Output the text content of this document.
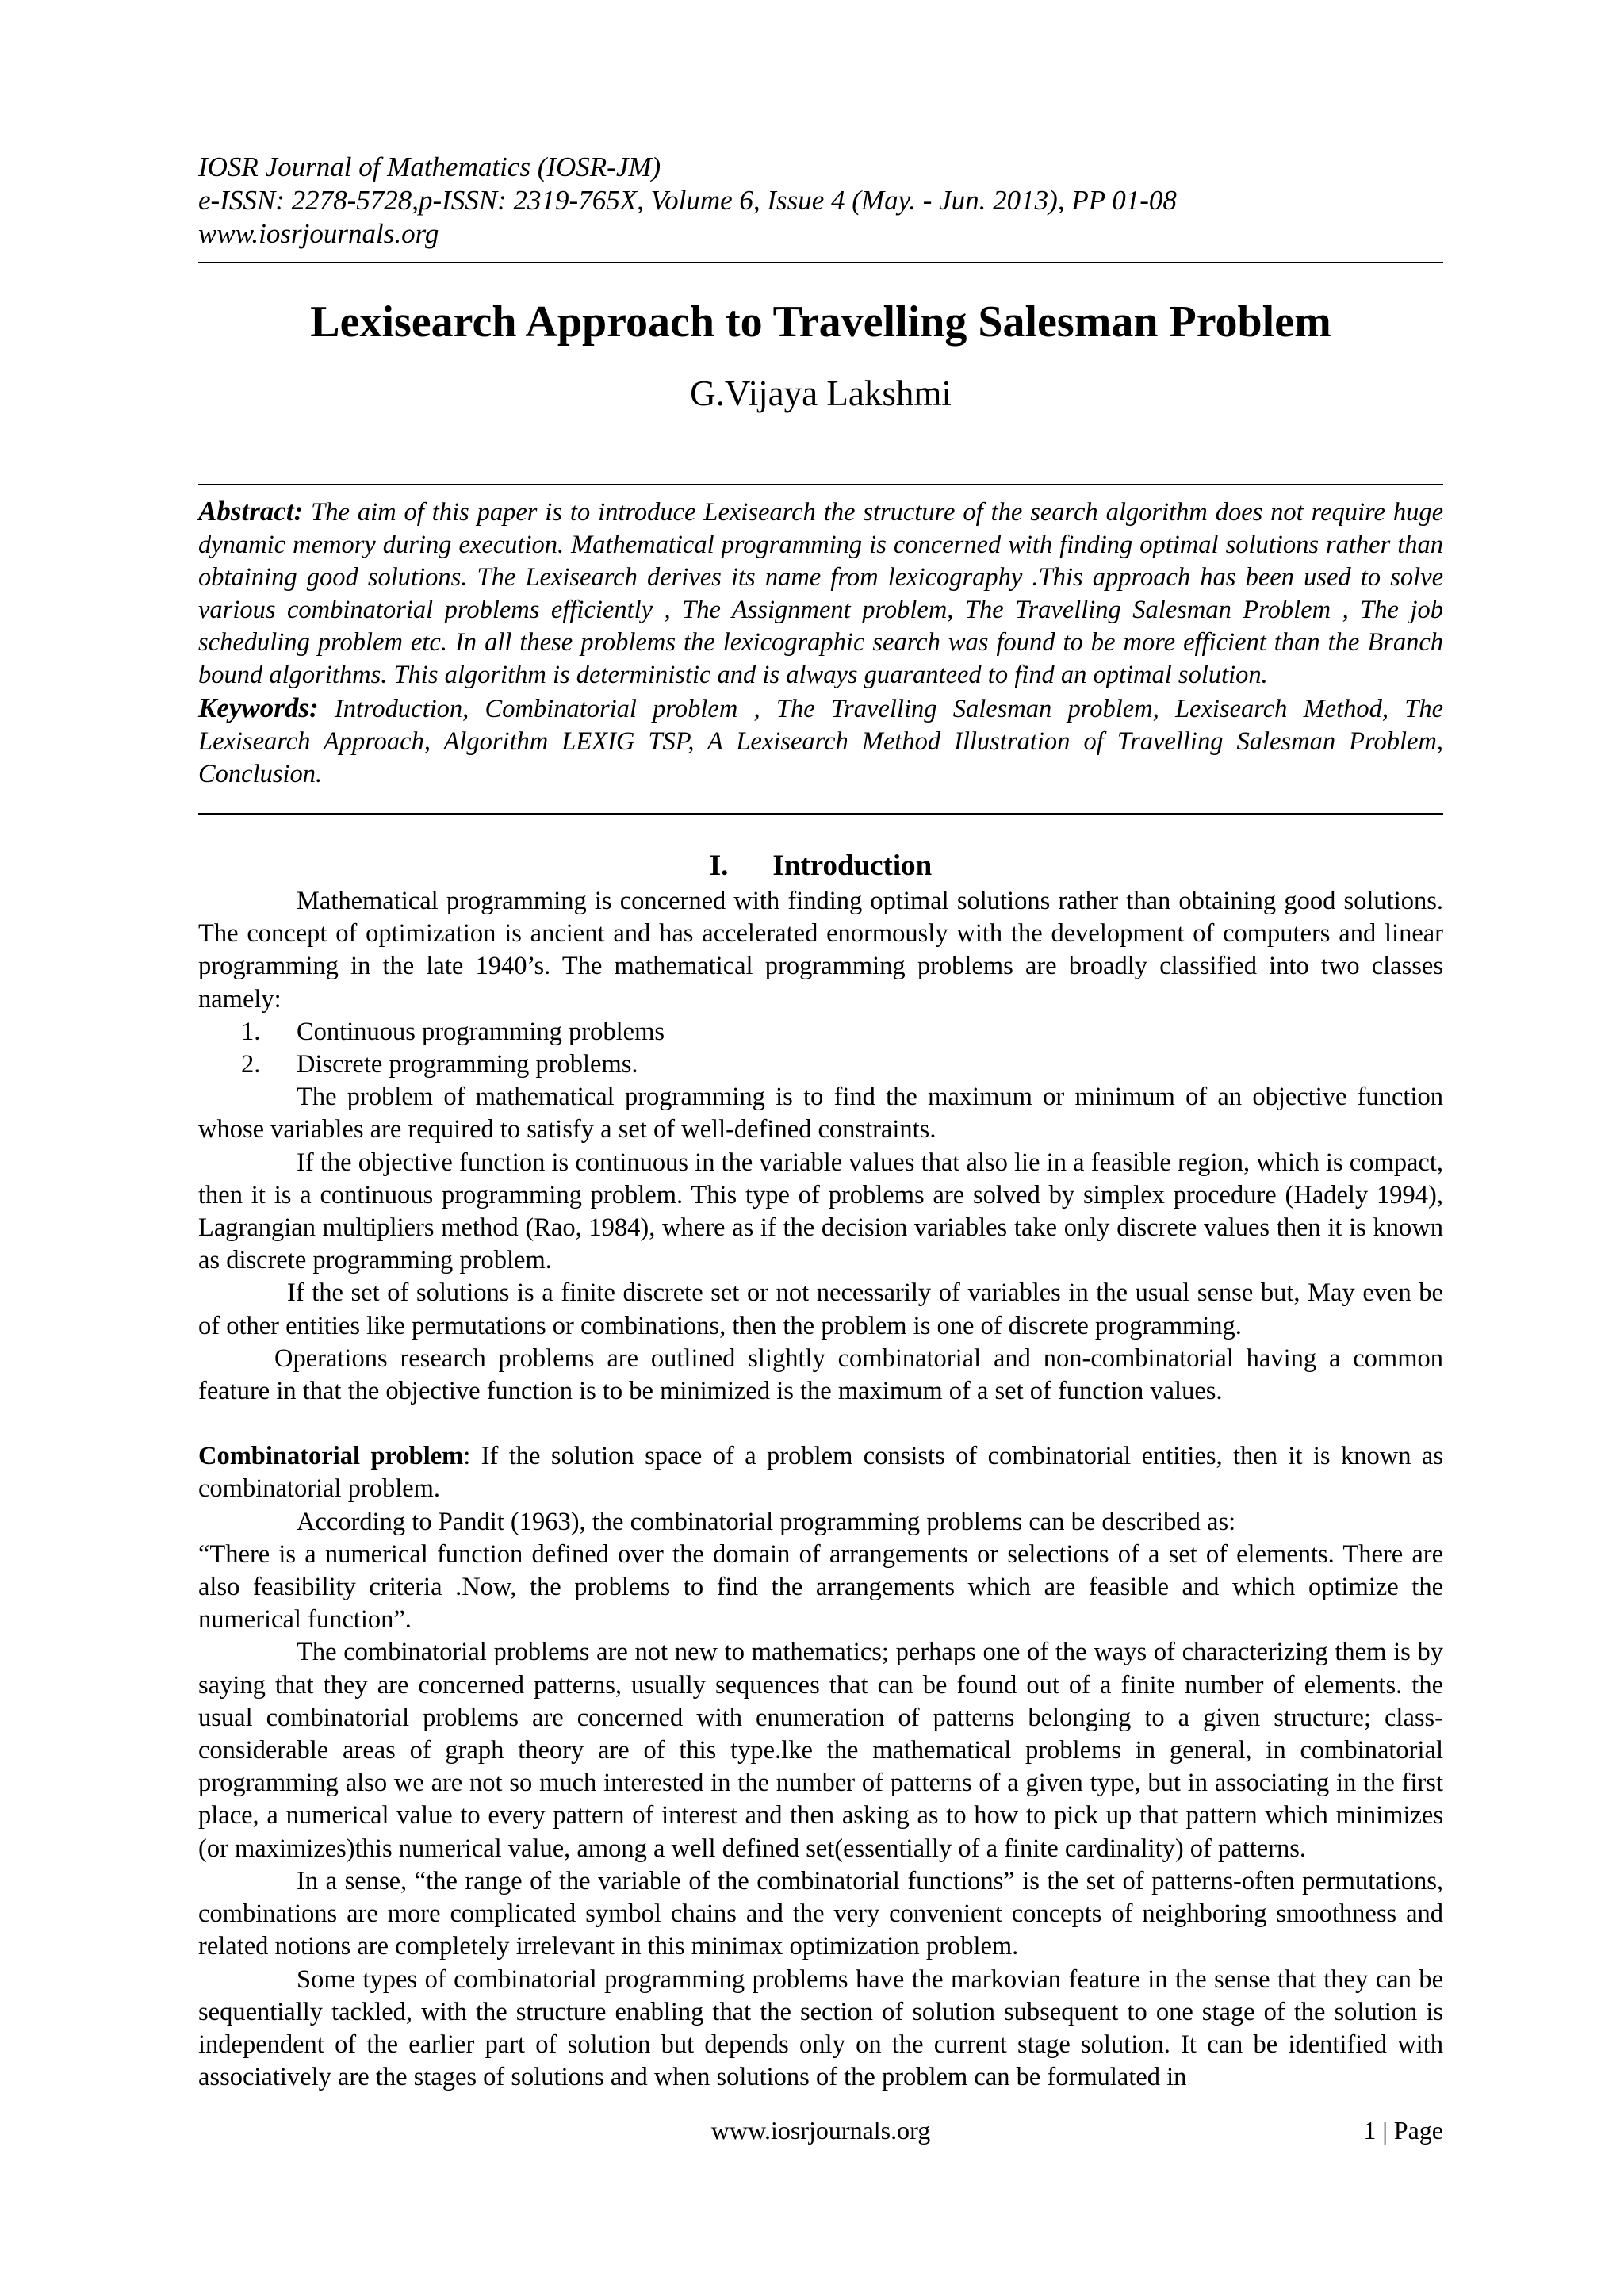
IOSR Journal of Mathematics (IOSR-JM)
e-ISSN: 2278-5728,p-ISSN: 2319-765X, Volume 6, Issue 4 (May. - Jun. 2013), PP 01-08
www.iosrjournals.org
Lexisearch Approach to Travelling Salesman Problem
G.Vijaya Lakshmi
Abstract: The aim of this paper is to introduce Lexisearch the structure of the search algorithm does not require huge dynamic memory during execution. Mathematical programming is concerned with finding optimal solutions rather than obtaining good solutions. The Lexisearch derives its name from lexicography .This approach has been used to solve various combinatorial problems efficiently , The Assignment problem, The Travelling Salesman Problem , The job scheduling problem etc. In all these problems the lexicographic search was found to be more efficient than the Branch bound algorithms. This algorithm is deterministic and is always guaranteed to find an optimal solution.
Keywords: Introduction, Combinatorial problem , The Travelling Salesman problem, Lexisearch Method, The Lexisearch Approach, Algorithm LEXIG TSP, A Lexisearch Method Illustration of Travelling Salesman Problem, Conclusion.
I. Introduction

Mathematical programming is concerned with finding optimal solutions rather than obtaining good solutions. The concept of optimization is ancient and has accelerated enormously with the development of computers and linear programming in the late 1940’s. The mathematical programming problems are broadly classified into two classes namely:

1. Continuous programming problems
2. Discrete programming problems.

The problem of mathematical programming is to find the maximum or minimum of an objective function whose variables are required to satisfy a set of well-defined constraints.

If the objective function is continuous in the variable values that also lie in a feasible region, which is compact, then it is a continuous programming problem. This type of problems are solved by simplex procedure (Hadely 1994), Lagrangian multipliers method (Rao, 1984), where as if the decision variables take only discrete values then it is known as discrete programming problem.

If the set of solutions is a finite discrete set or not necessarily of variables in the usual sense but, May even be of other entities like permutations or combinations, then the problem is one of discrete programming.

Operations research problems are outlined slightly combinatorial and non-combinatorial having a common feature in that the objective function is to be minimized is the maximum of a set of function values.

Combinatorial problem: If the solution space of a problem consists of combinatorial entities, then it is known as combinatorial problem.

According to Pandit (1963), the combinatorial programming problems can be described as:

“There is a numerical function defined over the domain of arrangements or selections of a set of elements. There are also feasibility criteria .Now, the problems to find the arrangements which are feasible and which optimize the numerical function”.

The combinatorial problems are not new to mathematics; perhaps one of the ways of characterizing them is by saying that they are concerned patterns, usually sequences that can be found out of a finite number of elements. the usual combinatorial problems are concerned with enumeration of patterns belonging to a given structure; class-considerable areas of graph theory are of this type.lke the mathematical problems in general, in combinatorial programming also we are not so much interested in the number of patterns of a given type, but in associating in the first place, a numerical value to every pattern of interest and then asking as to how to pick up that pattern which minimizes (or maximizes)this numerical value, among a well defined set(essentially of a finite cardinality) of patterns.

In a sense, “the range of the variable of the combinatorial functions” is the set of patterns-often permutations, combinations are more complicated symbol chains and the very convenient concepts of neighboring smoothness and related notions are completely irrelevant in this minimax optimization problem.

Some types of combinatorial programming problems have the markovian feature in the sense that they can be sequentially tackled, with the structure enabling that the section of solution subsequent to one stage of the solution is independent of the earlier part of solution but depends only on the current stage solution. It can be identified with associatively are the stages of solutions and when solutions of the problem can be formulated in

www.iosrjournals.org	1 | Page
